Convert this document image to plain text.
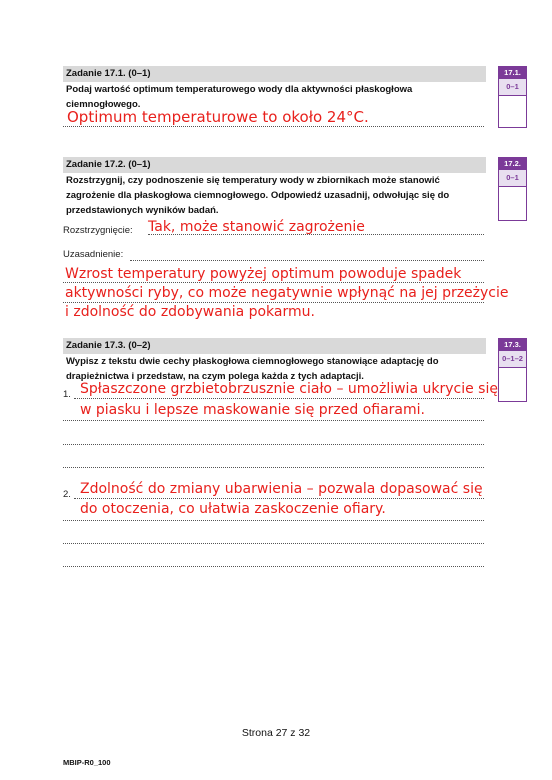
Zadanie 17.1. (0–1)
Podaj wartość optimum temperaturowego wody dla aktywności płaskogłowa ciemnogłowego.
Optimum temperaturowe to około 24°C.
17.1.
0–1
Zadanie 17.2. (0–1)
Rozstrzygnij, czy podnoszenie się temperatury wody w zbiornikach może stanowić zagrożenie dla płaskogłowa ciemnogłowego. Odpowiedź uzasadnij, odwołując się do przedstawionych wyników badań.
Rozstrzygnięcie: Tak, może stanowić zagrożenie
Uzasadnienie:
Wzrost temperatury powyżej optimum powoduje spadek
aktywności ryby, co może negatywnie wpłynąć na jej przeżycie
i zdolność do zdobywania pokarmu.
17.2.
0–1
Zadanie 17.3. (0–2)
Wypisz z tekstu dwie cechy płaskogłowa ciemnogłowego stanowiące adaptację do drapieżnictwa i przedstaw, na czym polega każda z tych adaptacji.
1. Spłaszczone grzbietobrzusznie ciało – umożliwia ukrycie się
w piasku i lepsze maskowanie się przed ofiarami.
2. Zdolność do zmiany ubarwienia – pozwala dopasować się
do otoczenia, co ułatwia zaskoczenie ofiary.
17.3.
0–1–2
Strona 27 z 32
MBIP-R0_100
